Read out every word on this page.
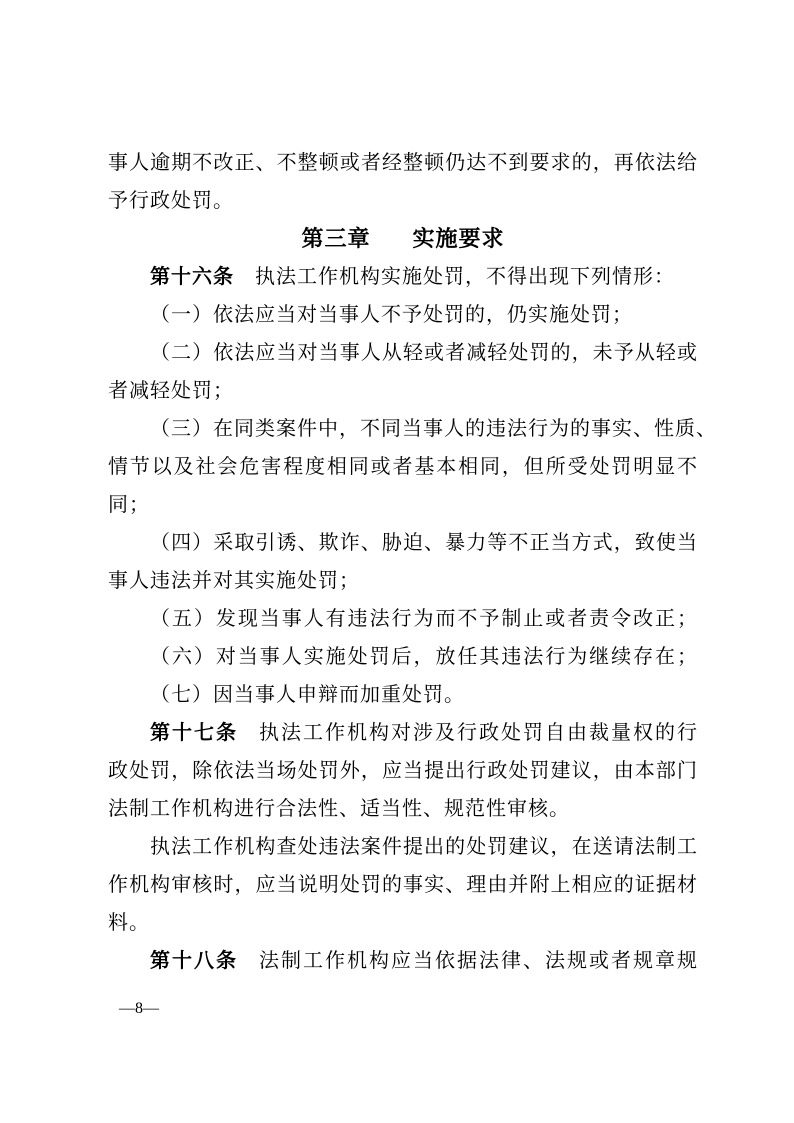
事人逾期不改正、不整顿或者经整顿仍达不到要求的，再依法给
予行政处罚。
第三章 实施要求
第十六条 执法工作机构实施处罚，不得出现下列情形：
（一）依法应当对当事人不予处罚的，仍实施处罚；
（二）依法应当对当事人从轻或者减轻处罚的，未予从轻或
者减轻处罚；
（三）在同类案件中，不同当事人的违法行为的事实、性质、
情节以及社会危害程度相同或者基本相同，但所受处罚明显不
同；
（四）采取引诱、欺诈、胁迫、暴力等不正当方式，致使当
事人违法并对其实施处罚；
（五）发现当事人有违法行为而不予制止或者责令改正；
（六）对当事人实施处罚后，放任其违法行为继续存在；
（七）因当事人申辩而加重处罚。
第十七条 执法工作机构对涉及行政处罚自由裁量权的行
政处罚，除依法当场处罚外，应当提出行政处罚建议，由本部门
法制工作机构进行合法性、适当性、规范性审核。
执法工作机构查处违法案件提出的处罚建议，在送请法制工
作机构审核时，应当说明处罚的事实、理由并附上相应的证据材
料。
第十八条 法制工作机构应当依据法律、法规或者规章规
—8—
